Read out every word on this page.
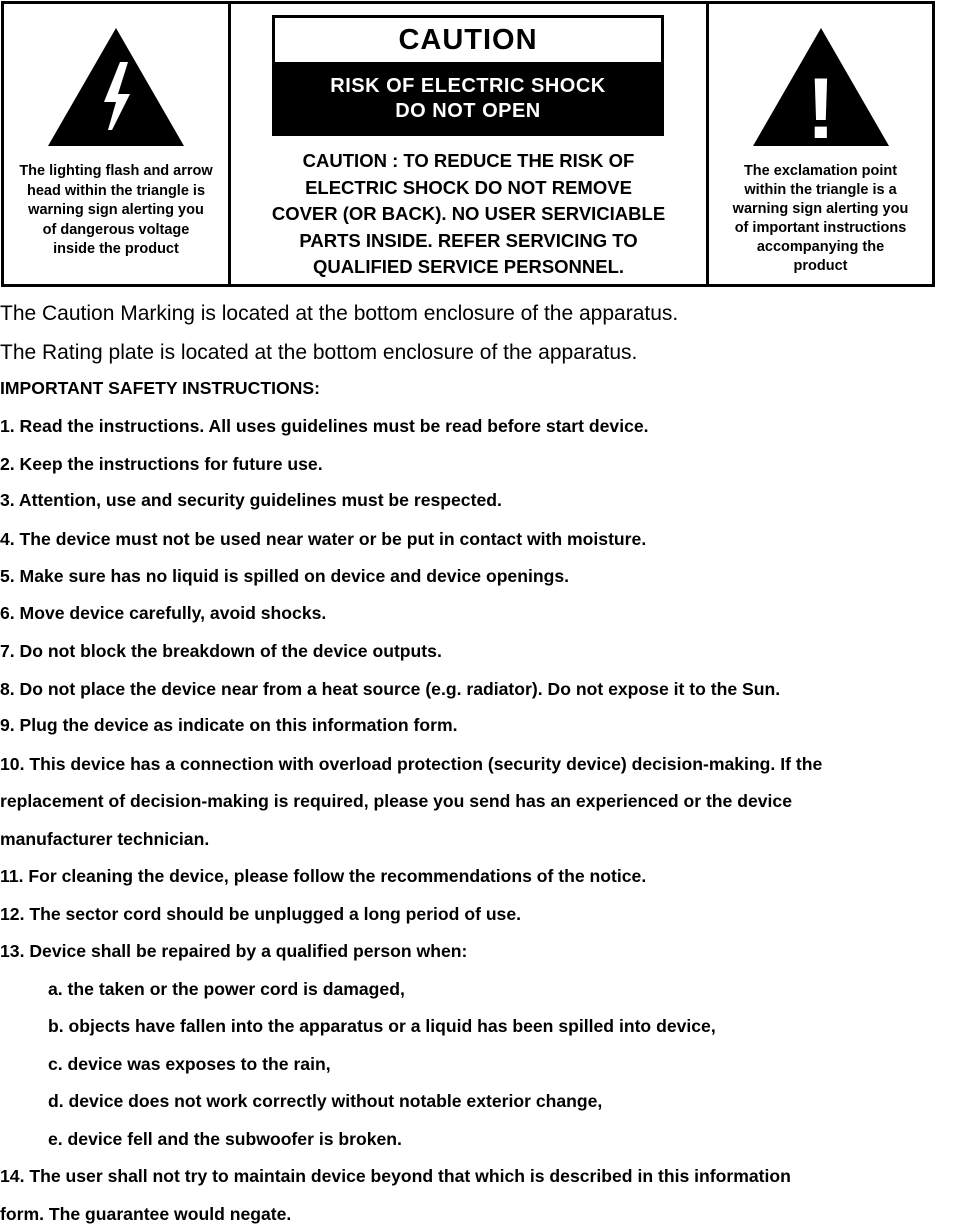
The lighting flash and arrow
head within the triangle is
warning sign alerting you
of dangerous voltage
inside the product
CAUTION
RISK OF ELECTRIC SHOCK
DO NOT OPEN
CAUTION : TO REDUCE THE RISK OF
ELECTRIC SHOCK DO NOT REMOVE
COVER (OR BACK). NO USER SERVICIABLE
PARTS INSIDE. REFER SERVICING TO
QUALIFIED SERVICE PERSONNEL.
!
The exclamation point
within the triangle is a
warning sign alerting you
of important instructions
accompanying the
product
The Caution Marking is located at the bottom enclosure of the apparatus.
The Rating plate is located at the bottom enclosure of the apparatus.
IMPORTANT SAFETY INSTRUCTIONS:
1. Read the instructions. All uses guidelines must be read before start device.
2. Keep the instructions for future use.
3. Attention, use and security guidelines must be respected.
4. The device must not be used near water or be put in contact with moisture.
5. Make sure has no liquid is spilled on device and device openings.
6. Move device carefully, avoid shocks.
7. Do not block the breakdown of the device outputs.
8. Do not place the device near from a heat source (e.g. radiator). Do not expose it to the Sun.
9. Plug the device as indicate on this information form.
10. This device has a connection with overload protection (security device) decision-making. If the
replacement of decision-making is required, please you send has an experienced or the device
manufacturer technician.
11. For cleaning the device, please follow the recommendations of the notice.
12. The sector cord should be unplugged a long period of use.
13. Device shall be repaired by a qualified person when:
a. the taken or the power cord is damaged,
b. objects have fallen into the apparatus or a liquid has been spilled into device,
c. device was exposes to the rain,
d. device does not work correctly without notable exterior change,
e. device fell and the subwoofer is broken.
14. The user shall not try to maintain device beyond that which is described in this information
form. The guarantee would negate.
